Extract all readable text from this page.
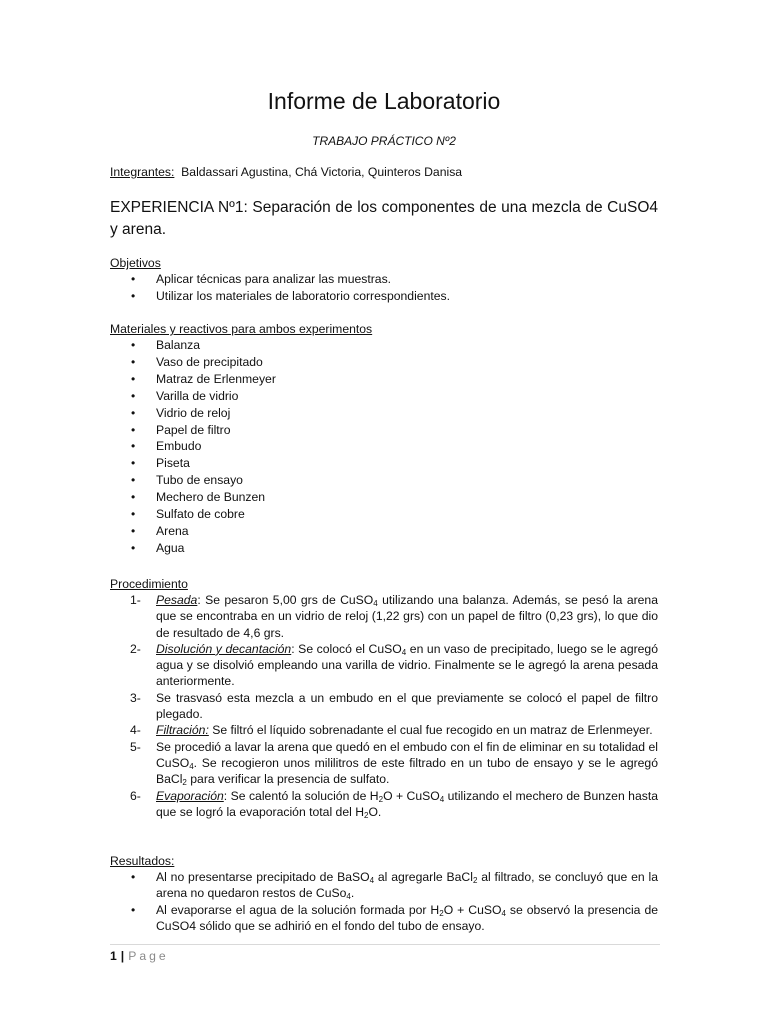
Informe de Laboratorio
TRABAJO PRÁCTICO Nº2
Integrantes: Baldassari Agustina, Chá Victoria, Quinteros Danisa

EXPERIENCIA Nº1: Separación de los componentes de una mezcla de CuSO4 y arena.

Objetivos
• Aplicar técnicas para analizar las muestras.
• Utilizar los materiales de laboratorio correspondientes.
Materiales y reactivos para ambos experimentos
• Balanza
• Vaso de precipitado
• Matraz de Erlenmeyer
• Varilla de vidrio
• Vidrio de reloj
• Papel de filtro
• Embudo
• Piseta
• Tubo de ensayo
• Mechero de Bunzen
• Sulfato de cobre
• Arena
• Agua
Procedimiento
1- Pesada: Se pesaron 5,00 grs de CuSO$_4$ utilizando una balanza. Además, se pesó la arena que se encontraba en un vidrio de reloj (1,22 grs) con un papel de filtro (0,23 grs), lo que dio de resultado de 4,6 grs.
2- Disolución y decantación: Se colocó el CuSO$_4$ en un vaso de precipitado, luego se le agregó agua y se disolvió empleando una varilla de vidrio. Finalmente se le agregó la arena pesada anteriormente.
3- Se trasvasó esta mezcla a un embudo en el que previamente se colocó el papel de filtro plegado.
4- Filtración: Se filtró el líquido sobrenadante el cual fue recogido en un matraz de Erlenmeyer.
5- Se procedió a lavar la arena que quedó en el embudo con el fin de eliminar en su totalidad el CuSO$_4$. Se recogieron unos mililitros de este filtrado en un tubo de ensayo y se le agregó BaCl$_2$ para verificar la presencia de sulfato.
6- Evaporación: Se calentó la solución de $H_2O$ + CuSO$_4$ utilizando el mechero de Bunzen hasta que se logró la evaporación total del $H_2O$.
Resultados:
• Al no presentarse precipitado de BaSO$_4$ al agregarle BaCl$_2$ al filtrado, se concluyó que en la arena no quedaron restos de CuSo$_4$.
• Al evaporarse el agua de la solución formada por $H_2O$ + CuSO$_4$ se observó la presencia de CuSO4 sólido que se adhirió en el fondo del tubo de ensayo.
1 | Page
